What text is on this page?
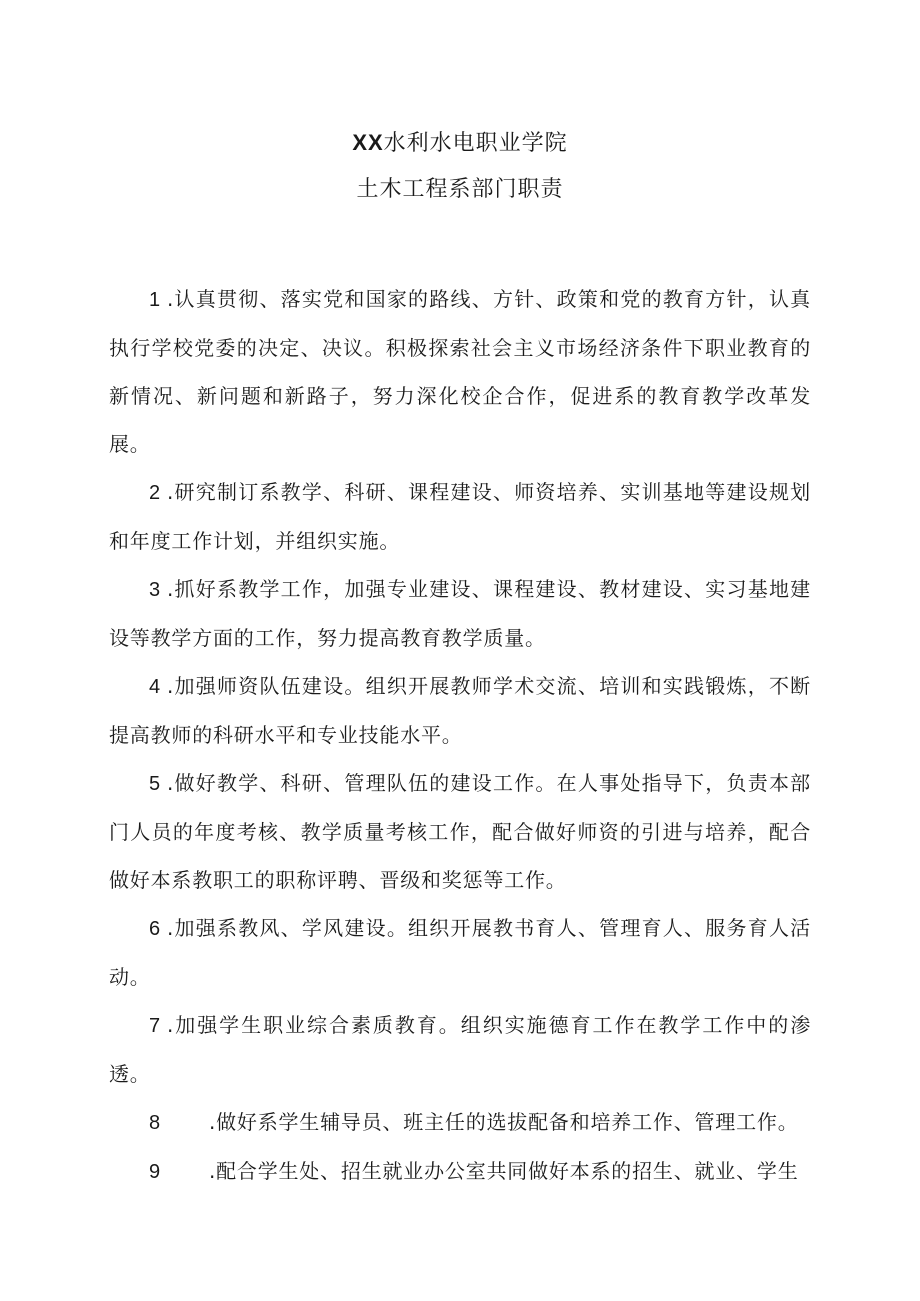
XX水利水电职业学院
土木工程系部门职责

1 .认真贯彻、落实党和国家的路线、方针、政策和党的教育方针，认真执行学校党委的决定、决议。积极探索社会主义市场经济条件下职业教育的新情况、新问题和新路子，努力深化校企合作，促进系的教育教学改革发展。

2 .研究制订系教学、科研、课程建设、师资培养、实训基地等建设规划和年度工作计划，并组织实施。

3 .抓好系教学工作，加强专业建设、课程建设、教材建设、实习基地建设等教学方面的工作，努力提高教育教学质量。

4 .加强师资队伍建设。组织开展教师学术交流、培训和实践锻炼，不断提高教师的科研水平和专业技能水平。

5 .做好教学、科研、管理队伍的建设工作。在人事处指导下，负责本部门人员的年度考核、教学质量考核工作，配合做好师资的引进与培养，配合做好本系教职工的职称评聘、晋级和奖惩等工作。

6 .加强系教风、学风建设。组织开展教书育人、管理育人、服务育人活动。

7 .加强学生职业综合素质教育。组织实施德育工作在教学工作中的渗透。

8 .做好系学生辅导员、班主任的选拔配备和培养工作、管理工作。

9 .配合学生处、招生就业办公室共同做好本系的招生、就业、学生
